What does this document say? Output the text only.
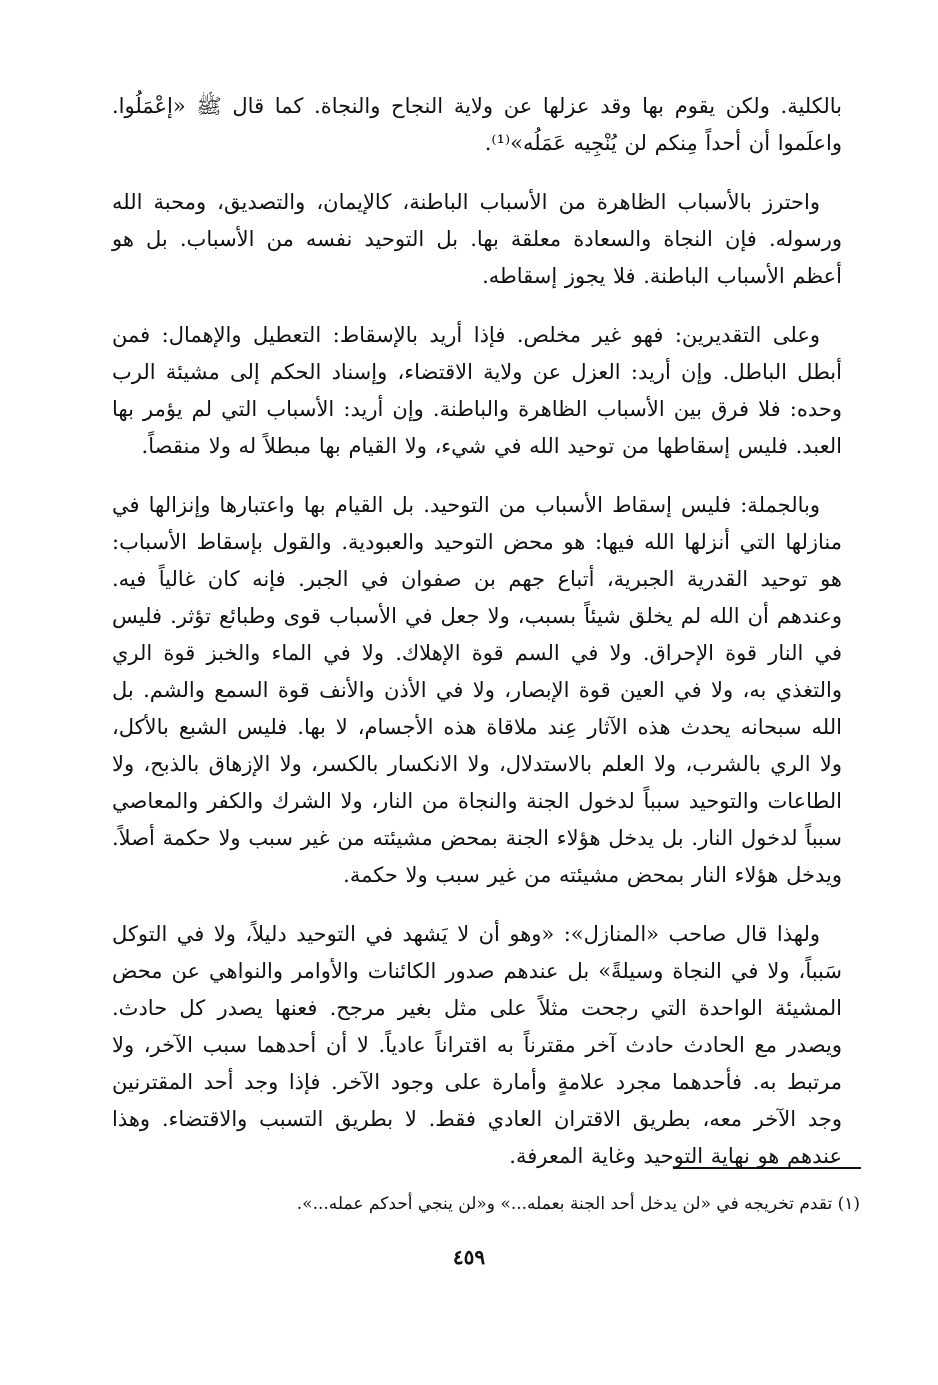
بالكلية. ولكن يقوم بها وقد عزلها عن ولاية النجاح والنجاة. كما قال ﷺ «إعْمَلُوا. واعلَموا أن أحداً مِنكم لن يُنْجِيه عَمَلُه»⁽¹⁾.

واحترز بالأسباب الظاهرة من الأسباب الباطنة، كالإيمان، والتصديق، ومحبة الله ورسوله. فإن النجاة والسعادة معلقة بها. بل التوحيد نفسه من الأسباب. بل هو أعظم الأسباب الباطنة. فلا يجوز إسقاطه.

وعلى التقديرين: فهو غير مخلص. فإذا أريد بالإسقاط: التعطيل والإهمال: فمن أبطل الباطل. وإن أريد: العزل عن ولاية الاقتضاء، وإسناد الحكم إلى مشيئة الرب وحده: فلا فرق بين الأسباب الظاهرة والباطنة. وإن أريد: الأسباب التي لم يؤمر بها العبد. فليس إسقاطها من توحيد الله في شيء، ولا القيام بها مبطلاً له ولا منقصاً.

وبالجملة: فليس إسقاط الأسباب من التوحيد. بل القيام بها واعتبارها وإنزالها في منازلها التي أنزلها الله فيها: هو محض التوحيد والعبودية. والقول بإسقاط الأسباب: هو توحيد القدرية الجبرية، أتباع جهم بن صفوان في الجبر. فإنه كان غالياً فيه. وعندهم أن الله لم يخلق شيئاً بسبب، ولا جعل في الأسباب قوى وطبائع تؤثر. فليس في النار قوة الإحراق. ولا في السم قوة الإهلاك. ولا في الماء والخبز قوة الري والتغذي به، ولا في العين قوة الإبصار، ولا في الأذن والأنف قوة السمع والشم. بل الله سبحانه يحدث هذه الآثار عِند ملاقاة هذه الأجسام، لا بها. فليس الشبع بالأكل، ولا الري بالشرب، ولا العلم بالاستدلال، ولا الانكسار بالكسر، ولا الإزهاق بالذبح، ولا الطاعات والتوحيد سبباً لدخول الجنة والنجاة من النار، ولا الشرك والكفر والمعاصي سبباً لدخول النار. بل يدخل هؤلاء الجنة بمحض مشيئته من غير سبب ولا حكمة أصلاً. ويدخل هؤلاء النار بمحض مشيئته من غير سبب ولا حكمة.

ولهذا قال صاحب «المنازل»: «وهو أن لا يَشهد في التوحيد دليلاً، ولا في التوكل سَبباً، ولا في النجاة وسيلةً» بل عندهم صدور الكائنات والأوامر والنواهي عن محض المشيئة الواحدة التي رجحت مثلاً على مثل بغير مرجح. فعنها يصدر كل حادث. ويصدر مع الحادث حادث آخر مقترناً به اقتراناً عادياً. لا أن أحدهما سبب الآخر، ولا مرتبط به. فأحدهما مجرد علامةٍ وأمارة على وجود الآخر. فإذا وجد أحد المقترنين وجد الآخر معه، بطريق الاقتران العادي فقط. لا بطريق التسبب والاقتضاء. وهذا عندهم هو نهاية التوحيد وغاية المعرفة.

(١) تقدم تخريجه في «لن يدخل أحد الجنة بعمله...» و«لن ينجي أحدكم عمله...».

٤٥٩
